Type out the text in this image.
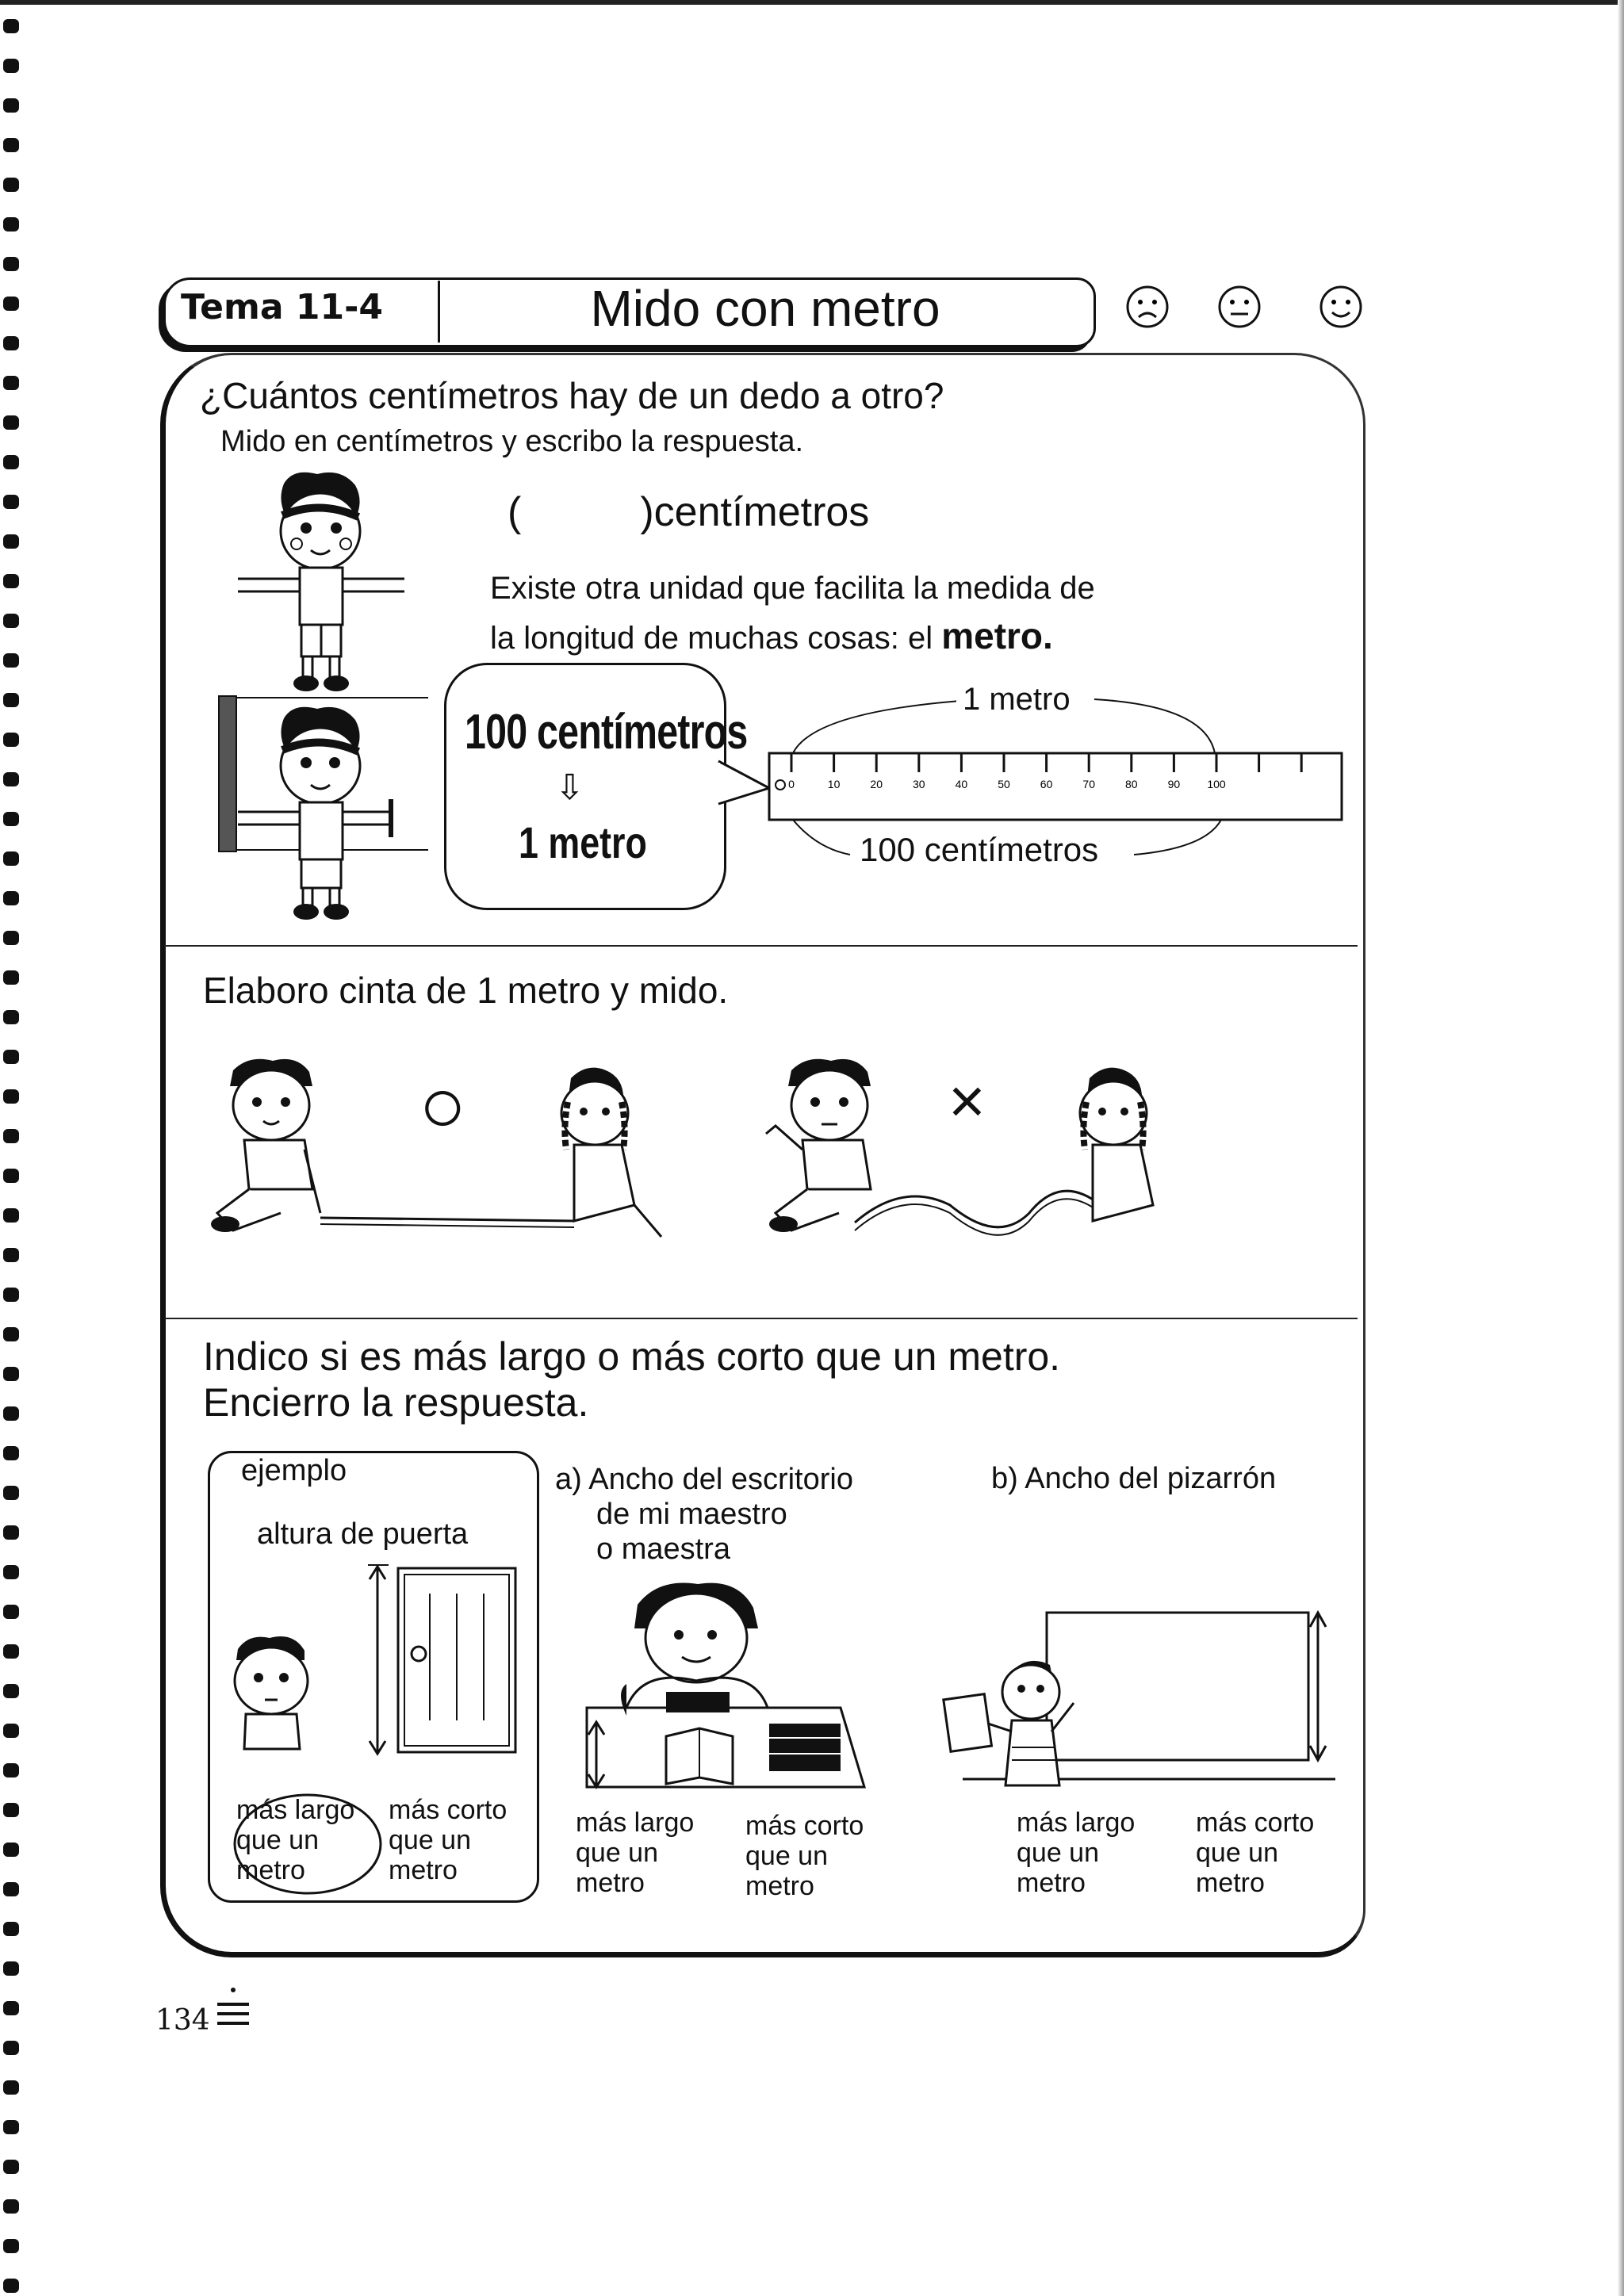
Tema 11-4	Mido con metro
¿Cuántos centímetros hay de un dedo a otro?
Mido en centímetros y escribo la respuesta.
(	)centímetros
Existe otra unidad que facilita la medida de
la longitud de muchas cosas: el metro.
100 centímetros
⇩
1 metro
0	10	20	30	40	50	60	70	80	90 100
1 metro
100 centímetros
Elaboro cinta de 1 metro y mido.
○	×
Indico si es más largo o más corto que un metro.
Encierro la respuesta.
ejemplo
altura de puerta
más largo
que un
metro
más corto
que un
metro
a) Ancho del escritorio
de mi maestro
o maestra
más largo
que un
metro
más corto
que un
metro
b) Ancho del pizarrón
más largo
que un
metro
más corto
que un
metro
134
